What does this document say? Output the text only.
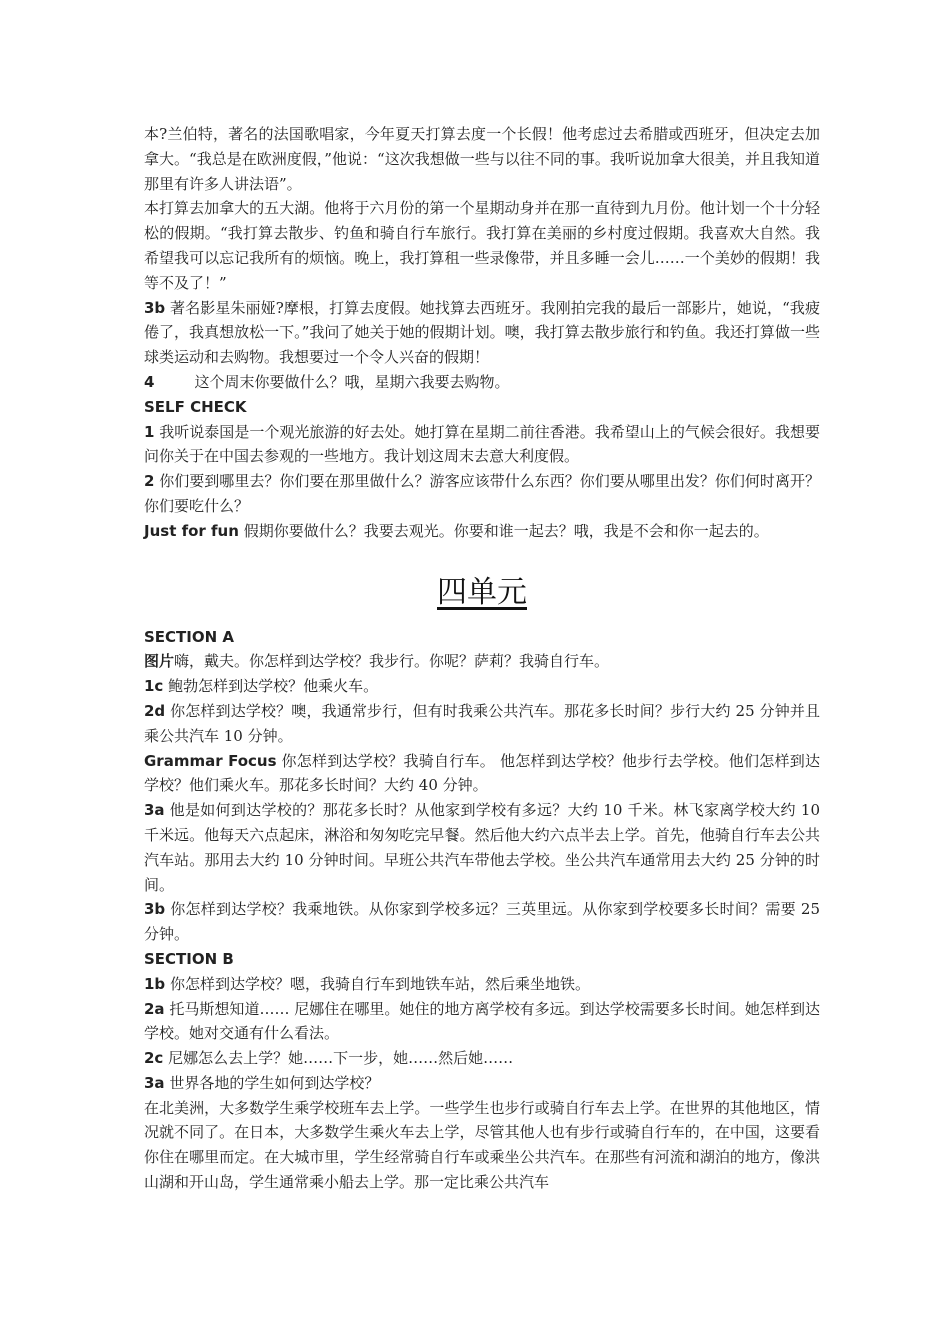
本?兰伯特，著名的法国歌唱家，今年夏天打算去度一个长假！他考虑过去希腊或西班牙，但决定去加拿大。“我总是在欧洲度假，”他说：“这次我想做一些与以往不同的事。我听说加拿大很美，并且我知道那里有许多人讲法语”。

本打算去加拿大的五大湖。他将于六月份的第一个星期动身并在那一直待到九月份。他计划一个十分轻松的假期。“我打算去散步、钓鱼和骑自行车旅行。我打算在美丽的乡村度过假期。我喜欢大自然。我希望我可以忘记我所有的烦恼。晚上，我打算租一些录像带，并且多睡一会儿……一个美妙的假期！我等不及了！”

3b 著名影星朱丽娅?摩根，打算去度假。她找算去西班牙。我刚拍完我的最后一部影片，她说，“我疲倦了，我真想放松一下。”我问了她关于她的假期计划。噢，我打算去散步旅行和钓鱼。我还打算做一些球类运动和去购物。我想要过一个令人兴奋的假期！

4	这个周末你要做什么？哦，星期六我要去购物。

SELF CHECK

1 我听说泰国是一个观光旅游的好去处。她打算在星期二前往香港。我希望山上的气候会很好。我想要问你关于在中国去参观的一些地方。我计划这周末去意大利度假。

2 你们要到哪里去？你们要在那里做什么？游客应该带什么东西？你们要从哪里出发？你们何时离开？你们要吃什么？

Just for fun 假期你要做什么？我要去观光。你要和谁一起去？哦，我是不会和你一起去的。

四单元

SECTION A

图片嗨，戴夫。你怎样到达学校？我步行。你呢？萨莉？我骑自行车。

1c 鲍勃怎样到达学校？他乘火车。

2d 你怎样到达学校？噢，我通常步行，但有时我乘公共汽车。那花多长时间？步行大约 25 分钟并且乘公共汽车 10 分钟。

Grammar Focus 你怎样到达学校？我骑自行车。 他怎样到达学校？他步行去学校。他们怎样到达学校？他们乘火车。那花多长时间？大约 40 分钟。

3a 他是如何到达学校的？那花多长时？从他家到学校有多远？大约 10 千米。林飞家离学校大约 10 千米远。他每天六点起床，淋浴和匆匆吃完早餐。然后他大约六点半去上学。首先，他骑自行车去公共汽车站。那用去大约 10 分钟时间。早班公共汽车带他去学校。坐公共汽车通常用去大约 25 分钟的时间。

3b 你怎样到达学校？我乘地铁。从你家到学校多远？三英里远。从你家到学校要多长时间？需要 25 分钟。

SECTION B

1b 你怎样到达学校？嗯，我骑自行车到地铁车站，然后乘坐地铁。

2a 托马斯想知道…… 尼娜住在哪里。她住的地方离学校有多远。到达学校需要多长时间。她怎样到达学校。她对交通有什么看法。

2c 尼娜怎么去上学？她……下一步，她……然后她……

3a 世界各地的学生如何到达学校？

在北美洲，大多数学生乘学校班车去上学。一些学生也步行或骑自行车去上学。在世界的其他地区，情况就不同了。在日本，大多数学生乘火车去上学，尽管其他人也有步行或骑自行车的，在中国，这要看你住在哪里而定。在大城市里，学生经常骑自行车或乘坐公共汽车。在那些有河流和湖泊的地方，像洪山湖和开山岛，学生通常乘小船去上学。那一定比乘公共汽车
